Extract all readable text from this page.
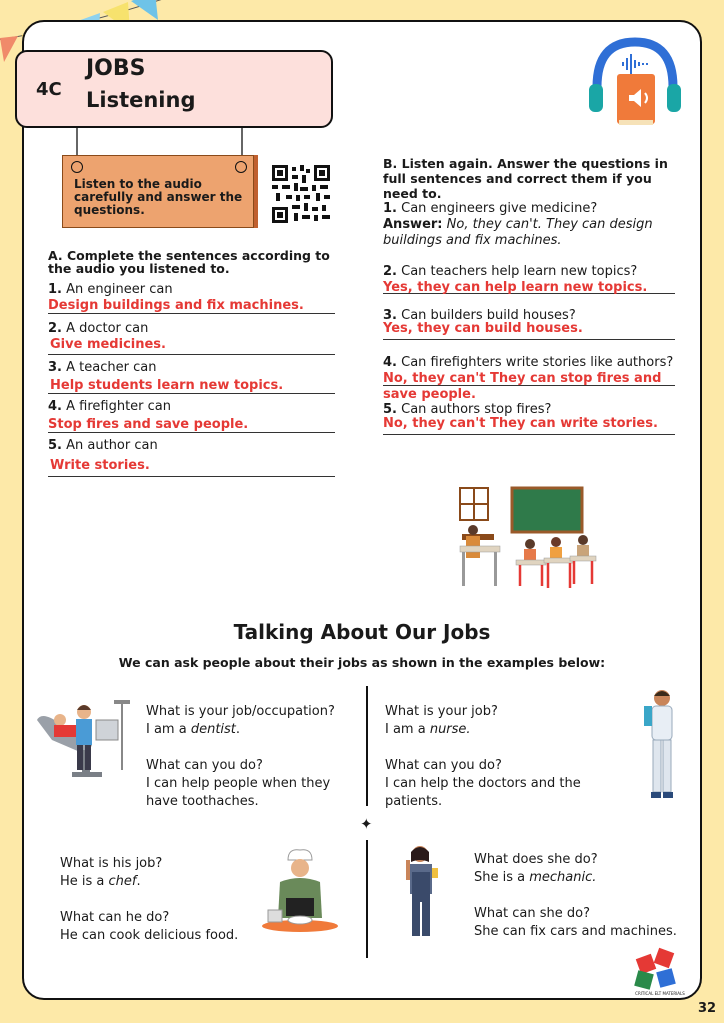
4C
JOBS
Listening
Listen to the audio carefully and answer the questions.
A. Complete the sentences according to the audio you listened to.
1. An engineer can
Design buildings and fix machines.
2. A doctor can
Give medicines.
3. A teacher can
Help students learn new topics.
4. A firefighter can
Stop fires and save people.
5. An author can
Write stories.
B. Listen again. Answer the questions in full sentences and correct them if you need to.
1. Can engineers give medicine?
Answer: No, they can't. They can design buildings and fix machines.
2. Can teachers help learn new topics?
Yes, they can help learn new topics.
3. Can builders build houses?
Yes, they can build houses.
4. Can firefighters write stories like authors?
No, they can't They can stop fires and save people.
5. Can authors stop fires?
No, they can't They can write stories.
Talking About Our Jobs
We can ask people about their jobs as shown in the examples below:
✦
What is your job/occupation?
I am a dentist.
What can you do?
I can help people when they have toothaches.
What is your job?
I am a nurse.
What can you do?
I can help the doctors and the patients.
What is his job?
He is a chef.
What can he do?
He can cook delicious food.
What does she do?
She is a mechanic.
What can she do?
She can fix cars and machines.
CRITICAL ELT MATERIALS
32
